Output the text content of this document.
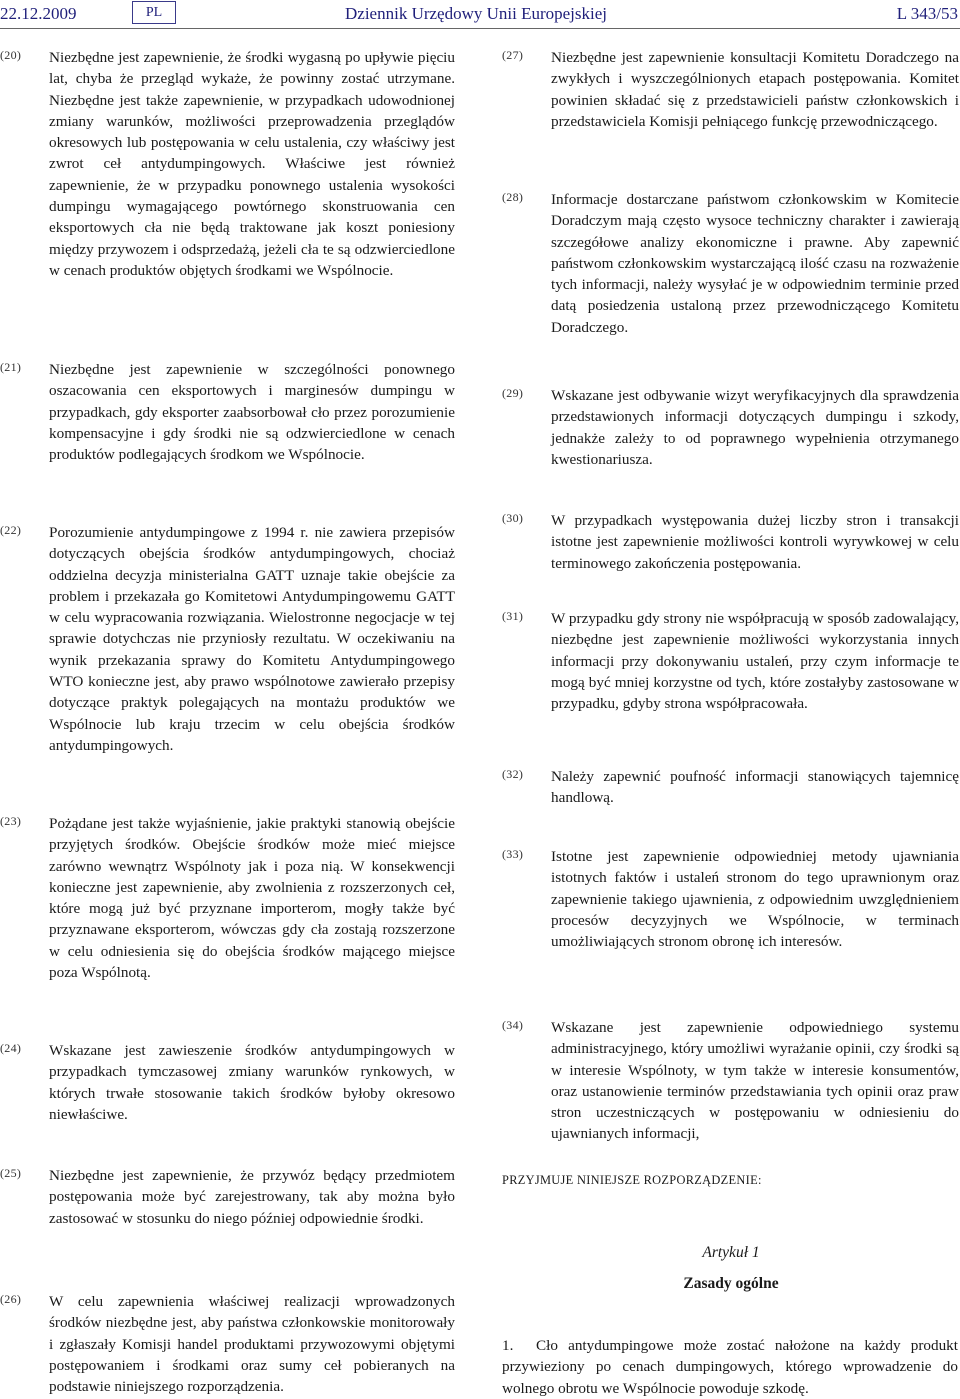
22.12.2009	PL	Dziennik Urzędowy Unii Europejskiej	L 343/53
(20)	Niezbędne jest zapewnienie, że środki wygasną po upływie pięciu lat, chyba że przegląd wykaże, że powinny zostać utrzymane. Niezbędne jest także zapewnienie, w przypadkach udowodnionej zmiany warunków, możliwości przeprowadzenia przeglądów okresowych lub postępowania w celu ustalenia, czy właściwy jest zwrot ceł antydumpingowych. Właściwe jest również zapewnienie, że w przypadku ponownego ustalenia wysokości dumpingu wymagającego powtórnego skonstruowania cen eksportowych cła nie będą traktowane jak koszt poniesiony między przywozem i odsprzedażą, jeżeli cła te są odzwierciedlone w cenach produktów objętych środkami we Wspólnocie.

(21)	Niezbędne jest zapewnienie w szczególności ponownego oszacowania cen eksportowych i marginesów dumpingu w przypadkach, gdy eksporter zaabsorbował cło przez porozumienie kompensacyjne i gdy środki nie są odzwierciedlone w cenach produktów podlegających środkom we Wspólnocie.

(22)	Porozumienie antydumpingowe z 1994 r. nie zawiera przepisów dotyczących obejścia środków antydumpingowych, chociaż oddzielna decyzja ministerialna GATT uznaje takie obejście za problem i przekazała go Komitetowi Antydumpingowemu GATT w celu wypracowania rozwiązania. Wielostronne negocjacje w tej sprawie dotychczas nie przyniosły rezultatu. W oczekiwaniu na wynik przekazania sprawy do Komitetu Antydumpingowego WTO konieczne jest, aby prawo wspólnotowe zawierało przepisy dotyczące praktyk polegających na montażu produktów we Wspólnocie lub kraju trzecim w celu obejścia środków antydumpingowych.

(23)	Pożądane jest także wyjaśnienie, jakie praktyki stanowią obejście przyjętych środków. Obejście środków może mieć miejsce zarówno wewnątrz Wspólnoty jak i poza nią. W konsekwencji konieczne jest zapewnienie, aby zwolnienia z rozszerzonych ceł, które mogą już być przyznane importerom, mogły także być przyznawane eksporterom, wówczas gdy cła zostają rozszerzone w celu odniesienia się do obejścia środków mającego miejsce poza Wspólnotą.

(24)	Wskazane jest zawieszenie środków antydumpingowych w przypadkach tymczasowej zmiany warunków rynkowych, w których trwałe stosowanie takich środków byłoby okresowo niewłaściwe.

(25)	Niezbędne jest zapewnienie, że przywóz będący przedmiotem postępowania może być zarejestrowany, tak aby można było zastosować w stosunku do niego później odpowiednie środki.

(26)	W celu zapewnienia właściwej realizacji wprowadzonych środków niezbędne jest, aby państwa członkowskie monitorowały i zgłaszały Komisji handel produktami przywozowymi objętymi postępowaniem i środkami oraz sumy ceł pobieranych na podstawie niniejszego rozporządzenia.

(27)	Niezbędne jest zapewnienie konsultacji Komitetu Doradczego na zwykłych i wyszczególnionych etapach postępowania. Komitet powinien składać się z przedstawicieli państw członkowskich i przedstawiciela Komisji pełniącego funkcję przewodniczącego.

(28)	Informacje dostarczane państwom członkowskim w Komitecie Doradczym mają często wysoce techniczny charakter i zawierają szczegółowe analizy ekonomiczne i prawne. Aby zapewnić państwom członkowskim wystarczającą ilość czasu na rozważenie tych informacji, należy wysyłać je w odpowiednim terminie przed datą posiedzenia ustaloną przez przewodniczącego Komitetu Doradczego.

(29)	Wskazane jest odbywanie wizyt weryfikacyjnych dla sprawdzenia przedstawionych informacji dotyczących dumpingu i szkody, jednakże zależy to od poprawnego wypełnienia otrzymanego kwestionariusza.

(30)	W przypadkach występowania dużej liczby stron i transakcji istotne jest zapewnienie możliwości kontroli wyrywkowej w celu terminowego zakończenia postępowania.

(31)	W przypadku gdy strony nie współpracują w sposób zadowalający, niezbędne jest zapewnienie możliwości wykorzystania innych informacji przy dokonywaniu ustaleń, przy czym informacje te mogą być mniej korzystne od tych, które zostałyby zastosowane w przypadku, gdyby strona współpracowała.

(32)	Należy zapewnić poufność informacji stanowiących tajemnicę handlową.

(33)	Istotne jest zapewnienie odpowiedniej metody ujawniania istotnych faktów i ustaleń stronom do tego uprawnionym oraz zapewnienie takiego ujawnienia, z odpowiednim uwzględnieniem procesów decyzyjnych we Wspólnocie, w terminach umożliwiających stronom obronę ich interesów.

(34)	Wskazane jest zapewnienie odpowiedniego systemu administracyjnego, który umożliwi wyrażanie opinii, czy środki są w interesie Wspólnoty, w tym także w interesie konsumentów, oraz ustanowienie terminów przedstawiania tych opinii oraz praw stron uczestniczących w postępowaniu w odniesieniu do ujawnianych informacji,

PRZYJMUJE NINIEJSZE ROZPORZĄDZENIE:
Artykuł 1
Zasady ogólne

1. Cło antydumpingowe może zostać nałożone na każdy produkt przywieziony po cenach dumpingowych, którego wprowadzenie do wolnego obrotu we Wspólnocie powoduje szkodę.
